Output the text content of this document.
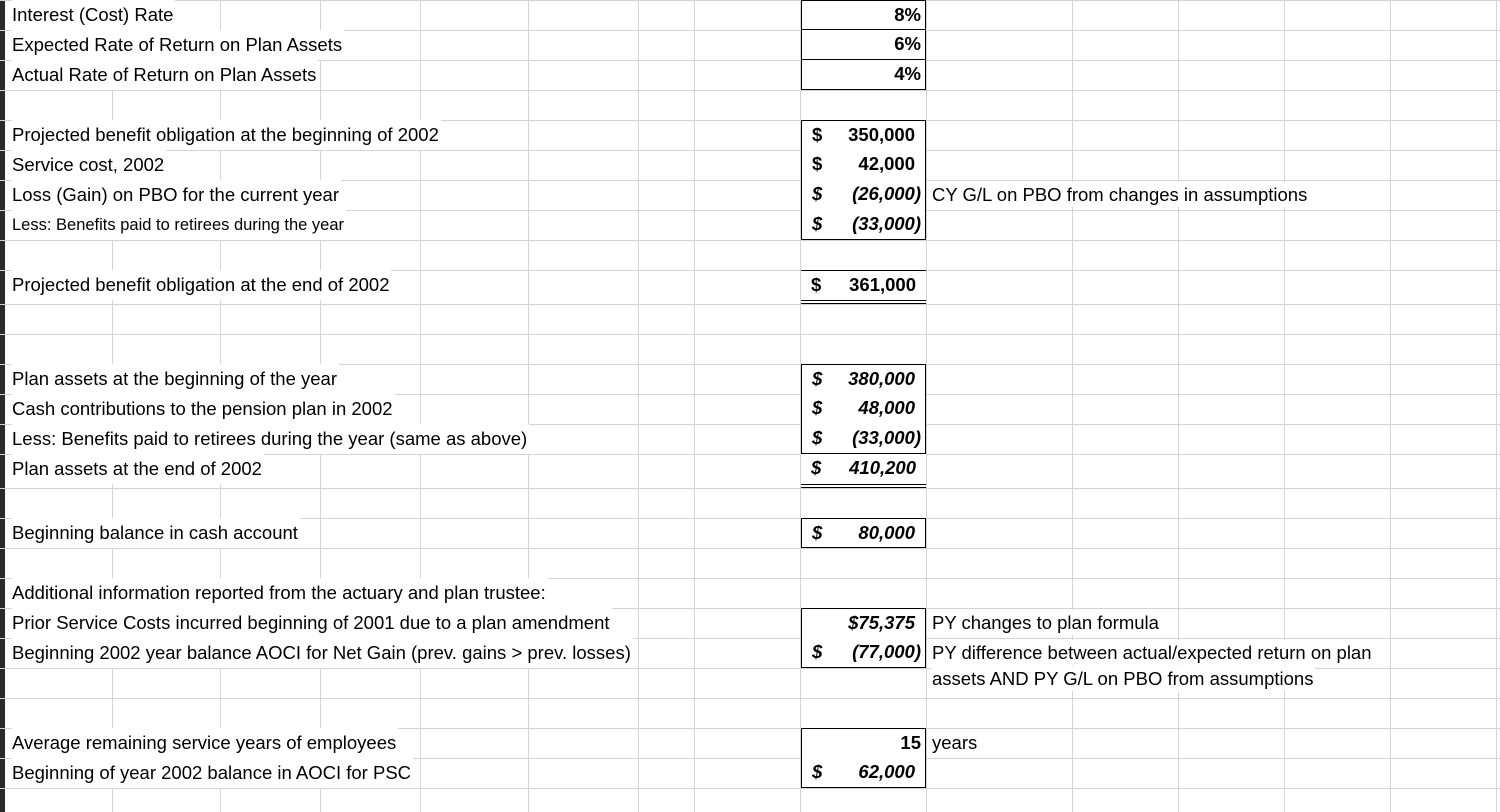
Interest (Cost) Rate	8%
Expected Rate of Return on Plan Assets	6%
Actual Rate of Return on Plan Assets	4%
Projected benefit obligation at the beginning of 2002	$ 350,000
Service cost, 2002	$ 42,000
Loss (Gain) on PBO for the current year	$ (26,000) CY G/L on PBO from changes in assumptions
Less: Benefits paid to retirees during the year	$ (33,000)
Projected benefit obligation at the end of 2002	$ 361,000
Plan assets at the beginning of the year	$ 380,000
Cash contributions to the pension plan in 2002	$ 48,000
Less: Benefits paid to retirees during the year (same as above)	$ (33,000)
Plan assets at the end of 2002	$ 410,200
Beginning balance in cash account	$ 80,000
Additional information reported from the actuary and plan trustee:
Prior Service Costs incurred beginning of 2001 due to a plan amendment	$75,375 PY changes to plan formula
Beginning 2002 year balance AOCI for Net Gain (prev. gains > prev. losses)	$ (77,000) PY difference between actual/expected return on plan
assets AND PY G/L on PBO from assumptions
Average remaining service years of employees	15 years
Beginning of year 2002 balance in AOCI for PSC	$ 62,000
